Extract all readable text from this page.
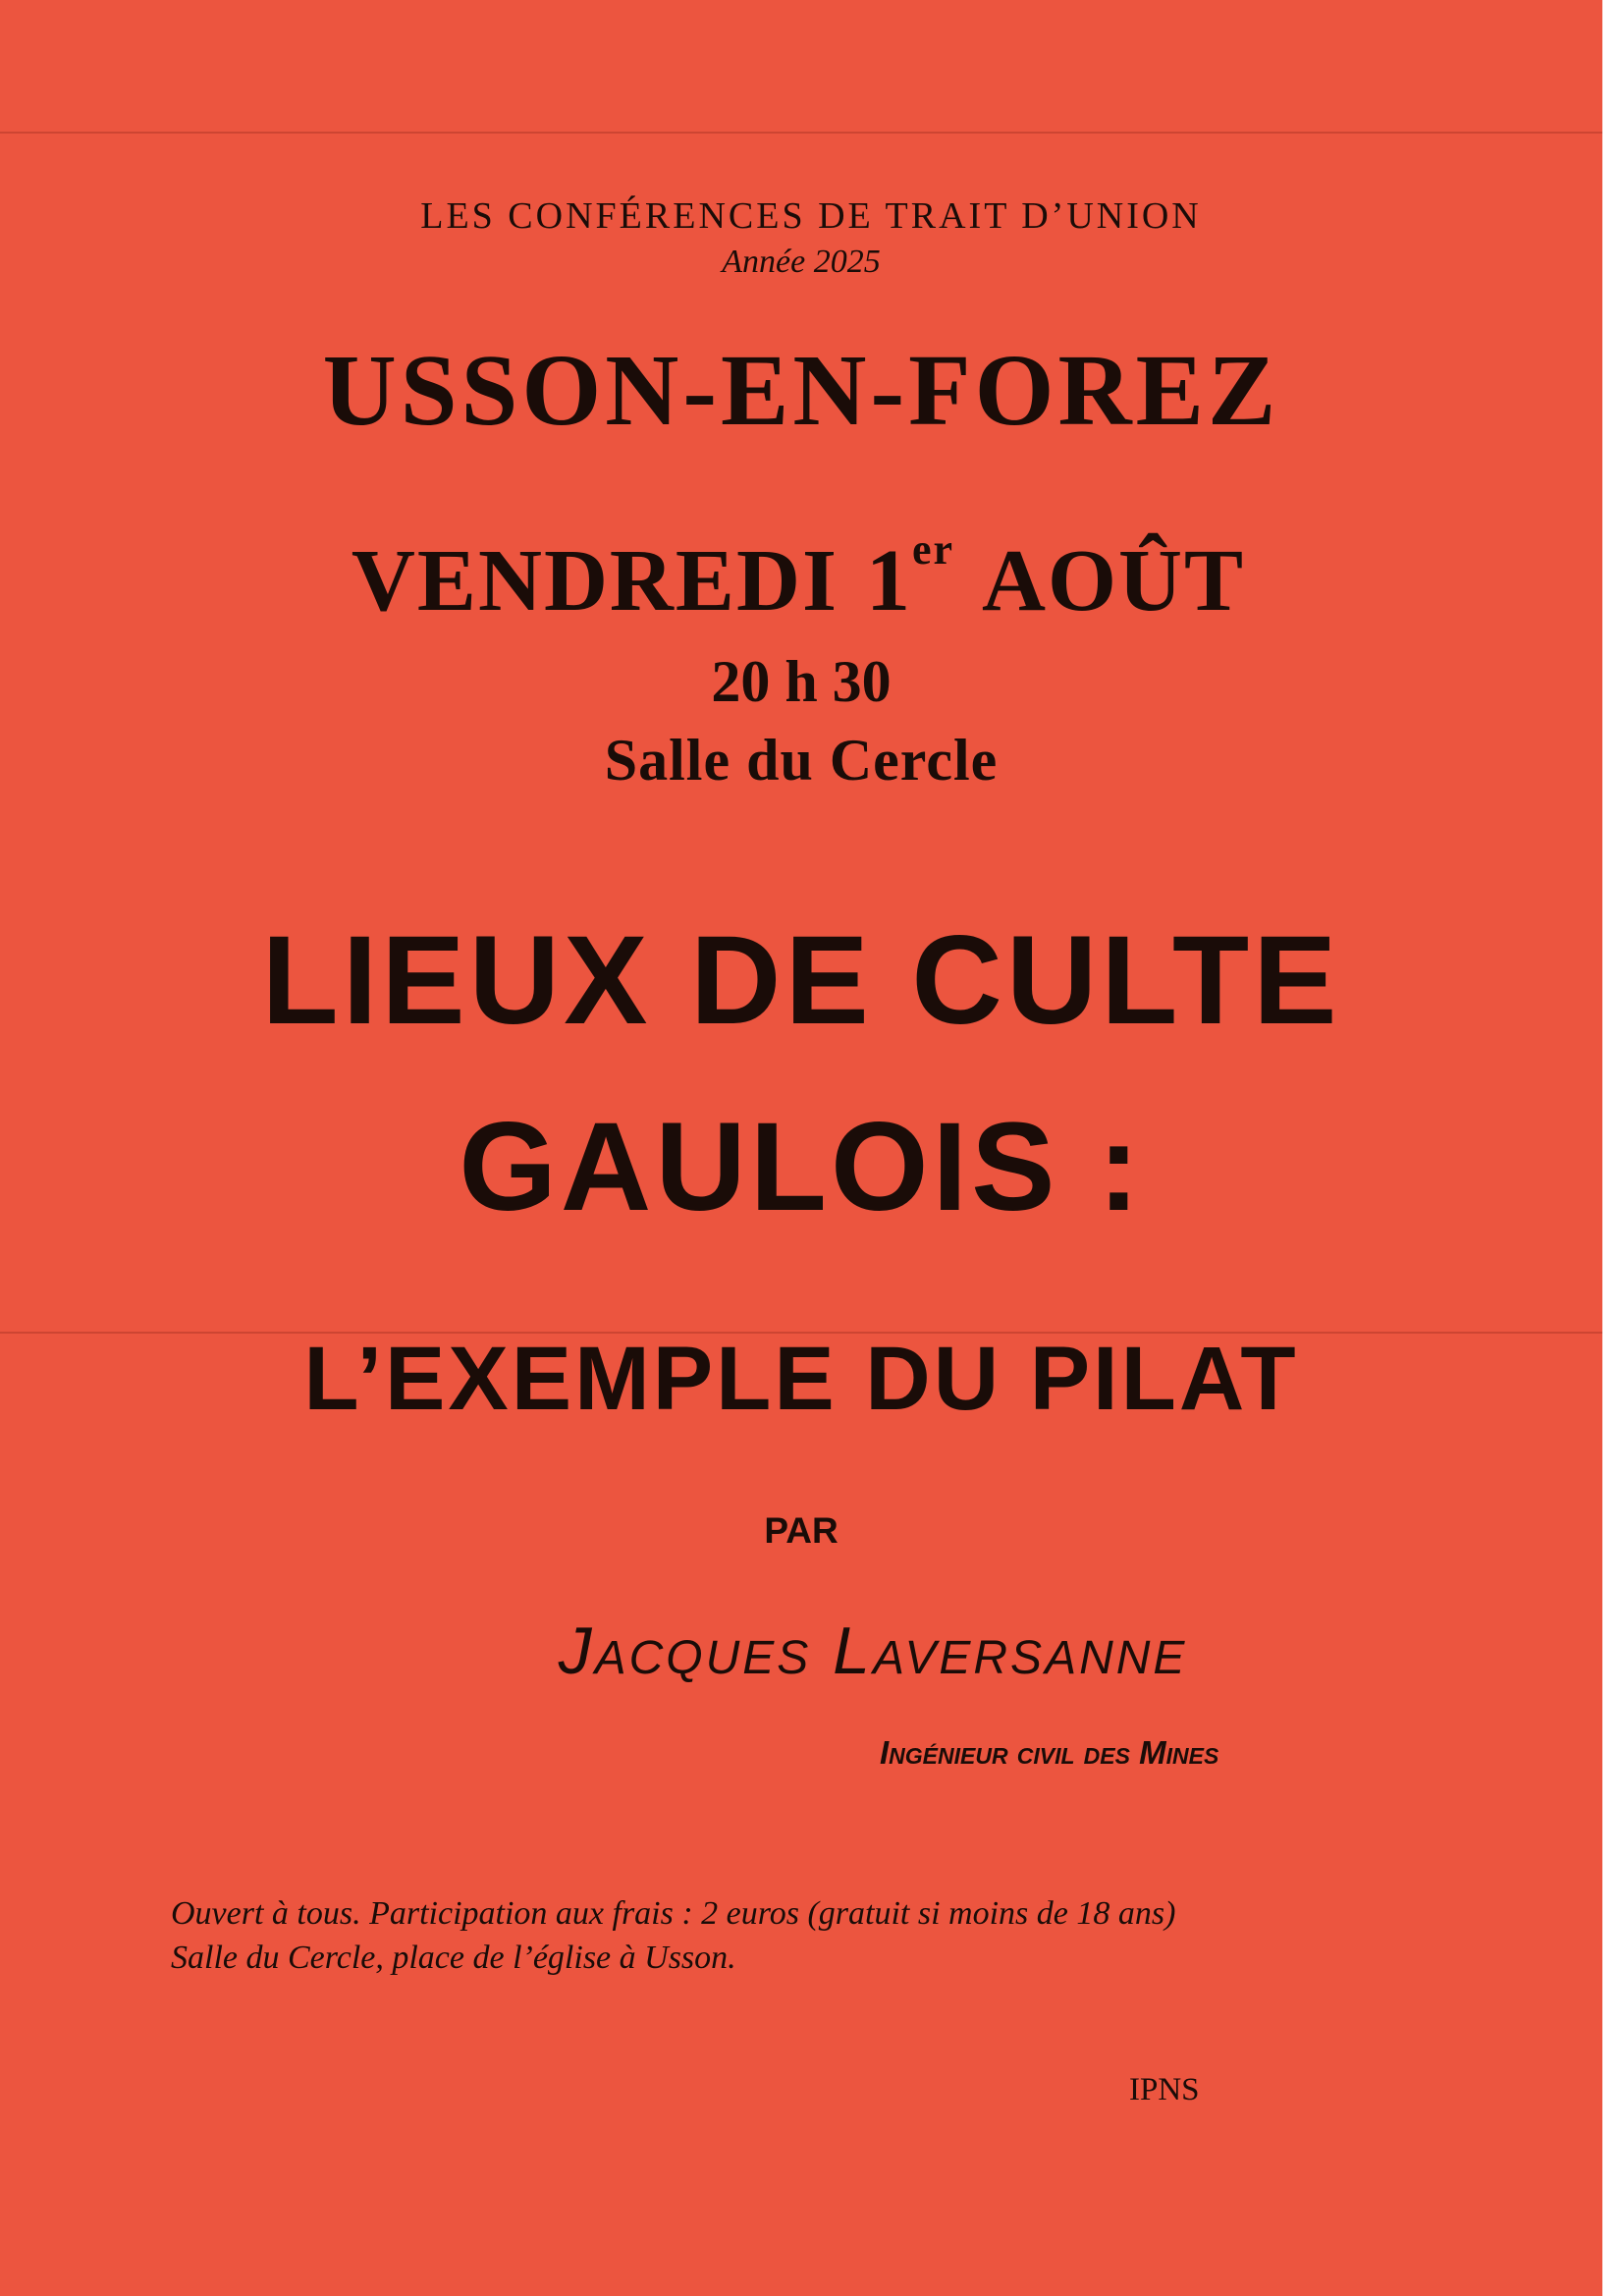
LES CONFÉRENCES DE TRAIT D’UNION
Année 2025
USSON-EN-FOREZ
VENDREDI 1er AOÛT
20 h 30
Salle du Cercle
LIEUX DE CULTE
GAULOIS :
L’EXEMPLE DU PILAT
PAR
Jacques Laversanne
Ingénieur civil des Mines
Ouvert à tous. Participation aux frais : 2 euros (gratuit si moins de 18 ans)
Salle du Cercle, place de l’église à Usson.
IPNS
